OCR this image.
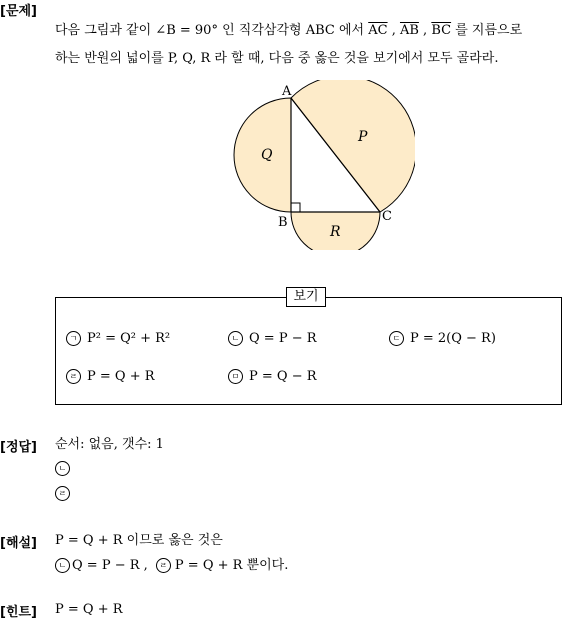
[문제]
다음 그림과 같이 ∠B = 90° 인 직각삼각형 ABC 에서 $\overline{AC}$ , $\overline{AB}$ , $\overline{BC}$ 를 지름으로
하는 반원의 넓이를 P, Q, R 라 할 때, 다음 중 옳은 것을 보기에서 모두 골라라.
A
B	C
P
Q
R
보기
ㄱ P² = Q² + R²	ㄴ Q = P − R	ㄷ P = 2(Q − R)
ㄹ P = Q + R	ㅁ P = Q − R
[정답] 순서: 없음, 갯수: 1
ㄴ
ㄹ
[해설] P = Q + R 이므로 옳은 것은
ㄴ Q = P − R , ㄹ P = Q + R 뿐이다.
[힌트] P = Q + R
